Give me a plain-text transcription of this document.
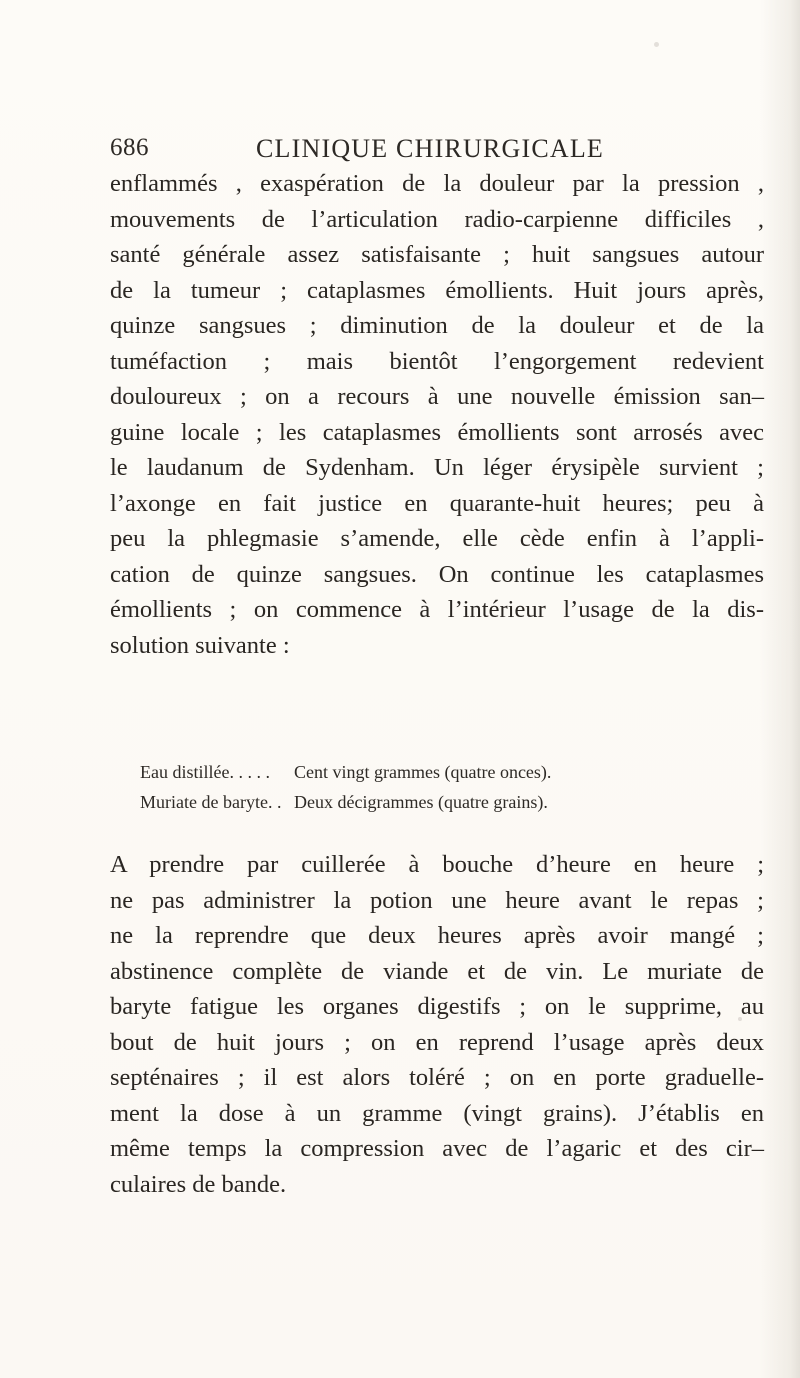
686	CLINIQUE CHIRURGICALE
enflammés , exaspération de la douleur par la pression ,
mouvements de l’articulation radio-carpienne difficiles ,
santé générale assez satisfaisante ; huit sangsues autour
de la tumeur ; cataplasmes émollients. Huit jours après,
quinze sangsues ; diminution de la douleur et de la
tuméfaction ; mais bientôt l’engorgement redevient
douloureux ; on a recours à une nouvelle émission san–
guine locale ; les cataplasmes émollients sont arrosés avec
le laudanum de Sydenham. Un léger érysipèle survient ;
l’axonge en fait justice en quarante-huit heures; peu à
peu la phlegmasie s’amende, elle cède enfin à l’appli-
cation de quinze sangsues. On continue les cataplasmes
émollients ; on commence à l’intérieur l’usage de la dis-
solution suivante :
Eau distillée. . . . .	Cent vingt grammes (quatre onces).
Muriate de baryte. . Deux décigrammes (quatre grains).
A prendre par cuillerée à bouche d’heure en heure ;
ne pas administrer la potion une heure avant le repas ;
ne la reprendre que deux heures après avoir mangé ;
abstinence complète de viande et de vin. Le muriate de
baryte fatigue les organes digestifs ; on le supprime, au
bout de huit jours ; on en reprend l’usage après deux
septénaires ; il est alors toléré ; on en porte graduelle-
ment la dose à un gramme (vingt grains). J’établis en
même temps la compression avec de l’agaric et des cir–
culaires de bande.
